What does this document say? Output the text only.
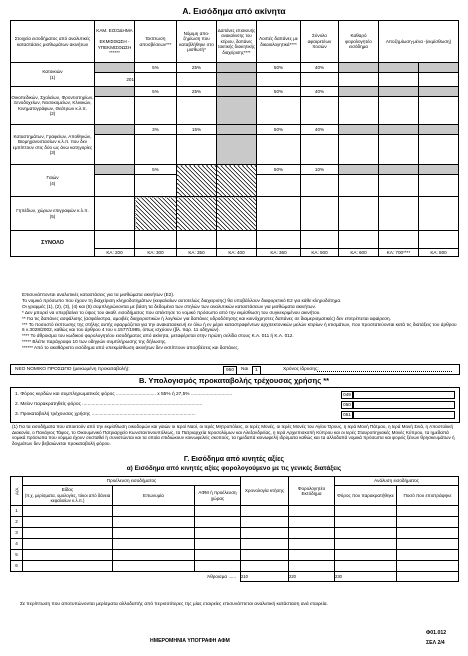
Α. Εισόδημα από ακίνητα
Στοιχεία εισοδήματος από αναλυτικές καταστάσεις μισθωμάτων ακινήτων	ΚΑΜ. ΕΙΣΟΔΗΜΑ
ΕΚΜΙΣΘΩΣΗ - ΥΠΕΚΜΙΣΘΩΣΗ ******	Έκπτωση αποσβέσεων***	Νόμιμη απο-ζημίωση που καταβλήθηκε στο μισθωτή*	Δαπάνες επισκευής ανακαίνισης του κτίριου, δαπάνες τακτικής διοικητικής διαχείρισης****	Λοιπές δαπάνες με δικαιολογητικά****	Σύνολο αφαιρετέων ποσών	Καθαρό φορολογητέο εισόδημα	Αποζημίωση-μένα -(εκμίσθωση)	

Κατοικιών
(1)		5%	25%		50%	40%			
	201								

Οικοπεδικών, Σχολείων, Φροντιστηρίων, Ξενοδοχείων, Νοσοκομείων, Κλινικών, Κινηματογράφων, Θεάτρων κ.λ.π.
(2)		5%	25%		50%	40%			

Καταστημάτων, Γραφείων, Αποθηκών, Βιομηχανοστασίων κ.λ.π. που δεν εμπίπτουν στις δύο ως άνω κατηγορίες
(3)		3%	15%		50%	40%			

Γαιών
(4)		5%			50%	10%			

Γηπέδων, χώρων επιγραφών κ.λ.π.
(5)									

ΣΥΝΟΛΟ									
	ΚΑ: 200	ΚΑ: 300	ΚΑ: 350	ΚΑ: 400	ΚΑ: 360	ΚΑ: 500	ΚΑ: 600	ΚΑ: 700****	ΚΑ: 800
Επισυνάπτονται αναλυτικές καταστάσεις για τα μισθώματα ακινήτων (Ε2).
Το νομικό πρόσωπο που έχουν τη διαχείριση κληροδοτημάτων (κεφαλαίων αυτοτελώς διαχειρισης) θα υποβάλλουν διαφορετικό Ε2 για κάθε κληροδότημα.
Οι γραμμές (1), (2), (3), (4) και (5) συμπληρώνονται με βάση τα δεδομένα των στηλών των αναλυτικών καταστάσεων για μισθώματα ακινήτων.
* Δεν μπορεί να υπερβαίνει το ύψος του ακαθ. εισοδήματος που απέκτησε το νομικό πρόσωπο από την εκμίσθωση του συγκεκριμένου ακινήτου.
** Για τις δαπάνες ασφάλισης (ασφάλιστρα, αμοιβές διαχειριστικών ή λογ/κών για δαπάνες υδροδότησης και κοινόχρηστες δαπάνες σε διαμερισματικές) δεν επιτρέπεται αφαίρεση.
*** Το ποσοστό έκπτωσης της στήλης αυτής εφαρμόζεται για την ανακατασκευή εν όλω ή εν μέρει καταστραφέντων αρχιτεκτονικών μελών κτιρίων ή κτισμάτων, που προστατεύονται κατά τις διατάξεις του άρθρου 6 ν.3028/2002, καθώς και του άρθρου 4 του ν.1577/1985, όπως ισχύουν (βλ. παρ. 11 οδηγιών).
**** Το άθροισμα του κωδικού φορολογητέου εισοδήματος από ακίνητα, μεταφέρεται στην πρώτη σελίδα στους Κ.Α. 011 ή Κ.Α. 012.
***** Βλέπε παράγραφο 10 των οδηγιών συμπλήρωσης της δήλωσης.
****** Από το ακαθάριστο εισόδημα από υπεκμίσθωση ακινήτων δεν εκπίπτουν αποσβέσεις και δαπάνες.
ΝΕΟ ΝΟΜΙΚΟ ΠΡΟΣΩΠΟ (μεικωμένη προκαταβολή):	950	Ναι	1	Χρόνος ίδρυσης:
Β. Υπολογισμός προκαταβολής τρέχουσας χρήσης **
1. Φόρος κερδών και συμπληρωματικός φόρος .............................. x 55% ή 27,5% ...............................	049
2. Μείον παρακρατηθείς φόρος ..........................................................................................	050
3. Προκαταβολή τρέχουσας χρήσης ..............................................................................	051
(1) Για τα εισοδήματα που αποκτούν από την εκμίσθωση οικοδομών και γαιών οι Ιεροί Ναοί, οι Ιερές Μητροπόλεις, οι Ιερές Μονές, οι Ιερές Μονές του Αγίου Όρους, η Ιερά Μονή Πάτμου, η Ιερά Μονή Σινά, η Αποστολική Διακονία, ο Πανάγιος Τάφος, το Οικουμενικό Πατριαρχείο Κωνσταντινουπόλεως, τα Πατριαρχεία Ιεροσολύμων και Αλεξανδρείας, η Ιερά Αρχιεπισκοπή Κύπρου και οι Ιερές Σταυροπηγιακές Μονές Κύπρου, τα ημεδαπά νομικά πρόσωπα που νόμιμα έχουν συσταθεί ή συνιστώνται και τα οποία επιδιώκουν κοινωφελείς σκοπούς, τα ημεδαπά κοινωφελή ιδρύματα καθώς και τα αλλοδαπά νομικά πρόσωπα και φορείς ξένων θρησκευμάτων ή δογμάτων δεν βεβαιώνεται προκαταβολή φόρου.
Γ. Εισόδημα από κινητές αξίες
α) Εισόδημα από κινητές αξίες φορολογούμενο με τις γενικές διατάξεις
Α/Α	Προέλευση εισοδήματος			Χρονολογία κτήσης	Φορολογητέο Εκτόδημα	Ανάλυση εισοδήματος	

	Είδος
(π.χ. μερίσματα, ομολογίες, τόκοι από δάνεια κεφαλαίων κ.λ.π.)	Επωνυμία	ΑΦΜ ή προέλευση χώρας			Φόρος που παρακρατήθηκε	Ποσό που επιστράφηκε
1							
2							
3							
4							
5							
6							
Άθροισμα ......				210	220	230	
Σε περίπτωση που αποτυπώνονται μερίσματα αλλοδαπής από περισσότερες της μίας εταιρείες επισυνάπτεται αναλυτική κατάσταση ανά εταιρεία.
ΗΜΕΡΟΜΗΝΙΑ ΥΠΟΓΡΑΦΗ ΑΦΜ
Φ01.012
ΣΕΛ 2/4
